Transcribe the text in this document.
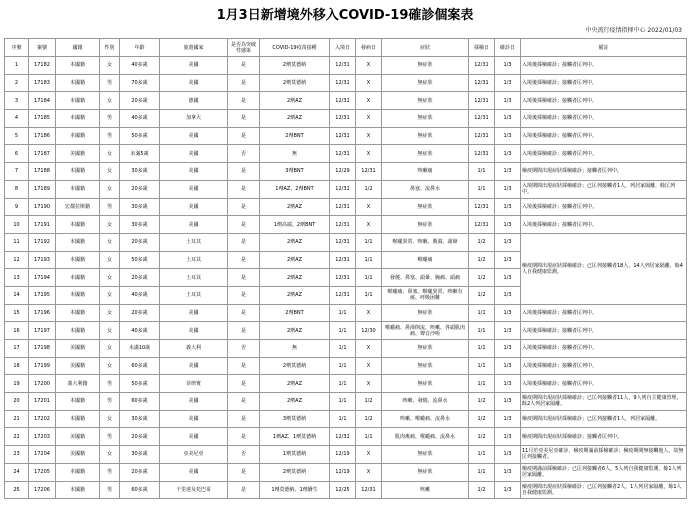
1月3日新增境外移入COVID-19確診個案表
中央流行疫情指揮中心 2022/01/03
序號	案號	國籍	性別	年齡	旅遊國家	是否為突破性感染	COVID-19疫苗接種	入境日	發病日	症狀	採檢日	確診日	備註
1	17182	本國籍	女	40多歲	美國	是	2劑莫德納	12/31	X	無症狀	12/31	1/3	入境後採檢確診；接觸者匡列中。
2	17183	本國籍	男	70多歲	美國	是	2劑莫德納	12/31	X	無症狀	12/31	1/3	入境後採檢確診；接觸者匡列中。
3	17184	本國籍	女	20多歲	德國	是	2劑AZ	12/31	X	無症狀	12/31	1/3	入境後採檢確診；接觸者匡列中。
4	17185	本國籍	男	40多歲	加拿大	是	2劑AZ	12/31	X	無症狀	12/31	1/3	入境後採檢確診；接觸者匡列中。
5	17186	本國籍	男	50多歲	美國	是	2劑BNT	12/31	X	無症狀	12/31	1/3	入境後採檢確診；接觸者匡列中。
6	17187	美國籍	女	未滿5歲	美國	否	無	12/31	X	無症狀	12/31	1/3	入境後採檢確診；接觸者匡列中。
7	17188	本國籍	女	30多歲	美國	是	3劑BNT	12/29	12/31	咳嗽痛	1/1	1/3	檢疫期間出現症狀採檢確診；接觸者匡列中。
8	17189	本國籍	女	20多歲	美國	是	1劑AZ、2劑BNT	12/31	1/2	鼻塞、流鼻水	1/1	1/3	入境期間出現症狀採檢確診；已匡列接觸者1人，列居家隔離，餘匡列中。
9	17190	宏都拉斯籍	男	30多歲	美國	是	2劑AZ	12/31	X	無症狀	12/31	1/3	入境後採檢確診；接觸者匡列中。
10	17191	本國籍	女	30多歲	美國	是	1劑高端、2劑BNT	12/31	X	無症狀	12/31	1/3	入境後採檢確診；接觸者匡列中。
11	17192	本國籍	女	20多歲	土耳其	是	2劑AZ	12/31	1/1	喉嚨異常、咳嗽、腹瀉、頭暈	1/2	1/3	檢疫期間出現症狀採檢確診；已匡列接觸者18人，14人列居家隔離，餘4人自我健康監測。
12	17193	本國籍	女	50多歲	土耳其	是	2劑AZ	12/31	1/1	喉嚨痛	1/2	1/3	
13	17194	本國籍	女	20多歲	土耳其	是	2劑AZ	12/31	1/1	發燒、鼻塞、頭暈、胸痛、頭痛	1/2	1/3	
14	17195	本國籍	女	40多歲	土耳其	是	2劑AZ	12/31	1/1	喉嚨痛、鼻塞、喉嚨異常、咳嗽有痰、呼吸困難	1/2	1/3	
15	17196	本國籍	女	20多歲	美國	是	2劑BNT	1/1	X	無症狀	1/1	1/3	入境後採檢確診；接觸者匡列中。
16	17197	本國籍	女	40多歲	美國	是	2劑AZ	1/1	12/30	喉嚨痛、鼻涕倒流、咳嗽、各頭肌肉痛、聲音沙啞	1/1	1/3	入境後採檢確診；接觸者匡列中。
17	17198	美國籍	女	未滿10歲	義大利	否	無	1/1	X	無症狀	1/1	1/3	入境後採檢確診；接觸者匡列中。
18	17199	美國籍	女	60多歲	美國	是	2劑莫德納	1/1	X	無症狀	1/1	1/3	入境後採檢確診；接觸者匡列中。
19	17200	義大利籍	男	50多歲	菲律賓	是	2劑AZ	1/1	X	無症狀	1/1	1/3	入境後採檢確診；接觸者匡列中。
20	17201	本國籍	男	60多歲	美國	是	2劑AZ	1/1	1/2	咳嗽、發燒、流鼻水	1/2	1/3	檢疫期間出現症狀採檢確診；已匡列接觸者11人，9人列自主健康管理，餘2人列居家隔離。
21	17202	本國籍	女	30多歲	美國	是	3劑莫德納	1/1	1/2	咳嗽、喉嚨痛、流鼻水	1/2	1/3	檢疫期間出現症狀採檢確診；已匡列接觸者1人，列居家隔離。
22	17203	美國籍	男	20多歲	美國	是	1劑AZ、1劑莫德納	12/31	1/1	肌肉痠痛、喉嚨痛、流鼻水	1/2	1/3	檢疫期間出現症狀採檢確診；接觸者匡列中。
23	17204	美國籍	女	30多歲	亞美尼亞	否	1劑莫德納	12/19	X	無症狀	1/1	1/3	11月於亞美尼亞確診，檢疫期滿前採檢確診；檢疫期間無接觸他人，故無匡列接觸者。
24	17205	本國籍	男	20多歲	美國	是	2劑莫德納	12/19	X	無症狀	1/1	1/3	檢疫期滿前採檢確診；已匡列接觸者6人，5人列自我健康監測，餘1人列居家隔離。
25	17206	本國籍	男	60多歲	千里達及托巴哥	是	1劑莫德納、1劑嬌生	12/25	12/31	咳嗽	1/2	1/3	檢疫期間出現症狀採檢確診；已匡列接觸者2人，1人列居家隔離，餘1人自我健康監測。
